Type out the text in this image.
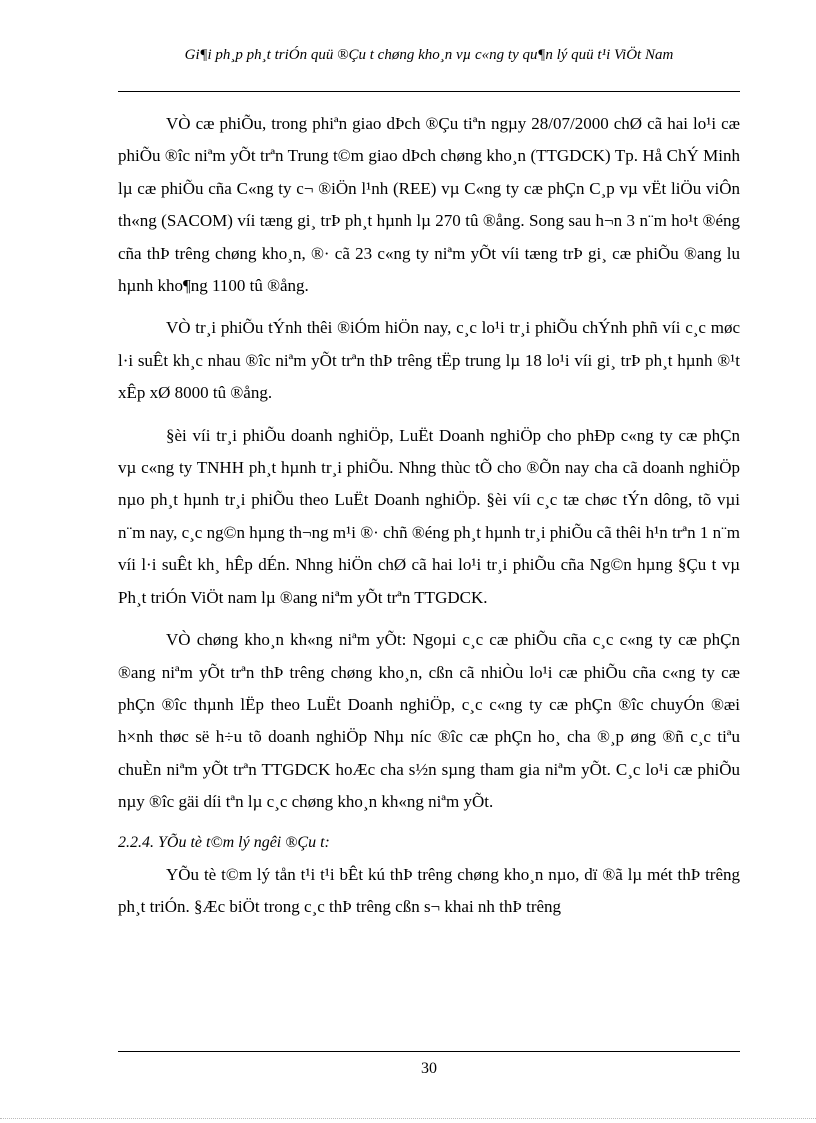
Gi¶i ph¸p ph¸t triÓn quü ®Çu t chøng kho¸n vµ c«ng ty qu¶n lý quü t¹i ViÖt Nam

VÒ cæ phiÕu, trong phiªn giao dÞch ®Çu tiªn ngµy 28/07/2000 chØ cã hai lo¹i cæ phiÕu ®îc niªm yÕt trªn Trung t©m giao dÞch chøng kho¸n (TTGDCK) Tp. Hå ChÝ Minh lµ cæ phiÕu cña C«ng ty c¬ ®iÖn l¹nh (REE) vµ C«ng ty cæ phÇn C¸p vµ vËt liÖu viÔn th«ng (SACOM) víi tæng gi¸ trÞ ph¸t hµnh lµ 270 tû ®ång. Song sau h¬n 3 n¨m ho¹t ®éng cña thÞ trêng chøng kho¸n, ®· cã 23 c«ng ty niªm yÕt víi tæng trÞ gi¸ cæ phiÕu ®ang lu hµnh kho¶ng 1100 tû ®ång.

VÒ tr¸i phiÕu tÝnh thêi ®iÓm hiÖn nay, c¸c lo¹i tr¸i phiÕu chÝnh phñ víi c¸c møc l·i suÊt kh¸c nhau ®îc niªm yÕt trªn thÞ trêng tËp trung lµ 18 lo¹i víi gi¸ trÞ ph¸t hµnh ®¹t xÊp xØ 8000 tû ®ång.

§èi víi tr¸i phiÕu doanh nghiÖp, LuËt Doanh nghiÖp cho phÐp c«ng ty cæ phÇn vµ c«ng ty TNHH ph¸t hµnh tr¸i phiÕu. Nhng thùc tÕ cho ®Õn nay cha cã doanh nghiÖp nµo ph¸t hµnh tr¸i phiÕu theo LuËt Doanh nghiÖp. §èi víi c¸c tæ chøc tÝn dông, tõ vµi n¨m nay, c¸c ng©n hµng th¬ng m¹i ®· chñ ®éng ph¸t hµnh tr¸i phiÕu cã thêi h¹n trªn 1 n¨m víi l·i suÊt kh¸ hÊp dÉn. Nhng hiÖn chØ cã hai lo¹i tr¸i phiÕu cña Ng©n hµng §Çu t vµ Ph¸t triÓn ViÖt nam lµ ®ang niªm yÕt trªn TTGDCK.

VÒ chøng kho¸n kh«ng niªm yÕt: Ngoµi c¸c cæ phiÕu cña c¸c c«ng ty cæ phÇn ®ang niªm yÕt trªn thÞ trêng chøng kho¸n, cßn cã nhiÒu lo¹i cæ phiÕu cña c«ng ty cæ phÇn ®îc thµnh lËp theo LuËt Doanh nghiÖp, c¸c c«ng ty cæ phÇn ®îc chuyÓn ®æi h×nh thøc së h÷u tõ doanh nghiÖp Nhµ níc ®îc cæ phÇn ho¸ cha ®¸p øng ®ñ c¸c tiªu chuÈn niªm yÕt trªn TTGDCK hoÆc cha s½n sµng tham gia niªm yÕt. C¸c lo¹i cæ phiÕu nµy ®îc gäi díi tªn lµ c¸c chøng kho¸n kh«ng niªm yÕt.

2.2.4. YÕu tè t©m lý ngêi ®Çu t:

YÕu tè t©m lý tån t¹i t¹i bÊt kú thÞ trêng chøng kho¸n nµo, dï ®ã lµ mét thÞ trêng ph¸t triÓn. §Æc biÖt trong c¸c thÞ trêng cßn s¬ khai nh thÞ trêng

30
